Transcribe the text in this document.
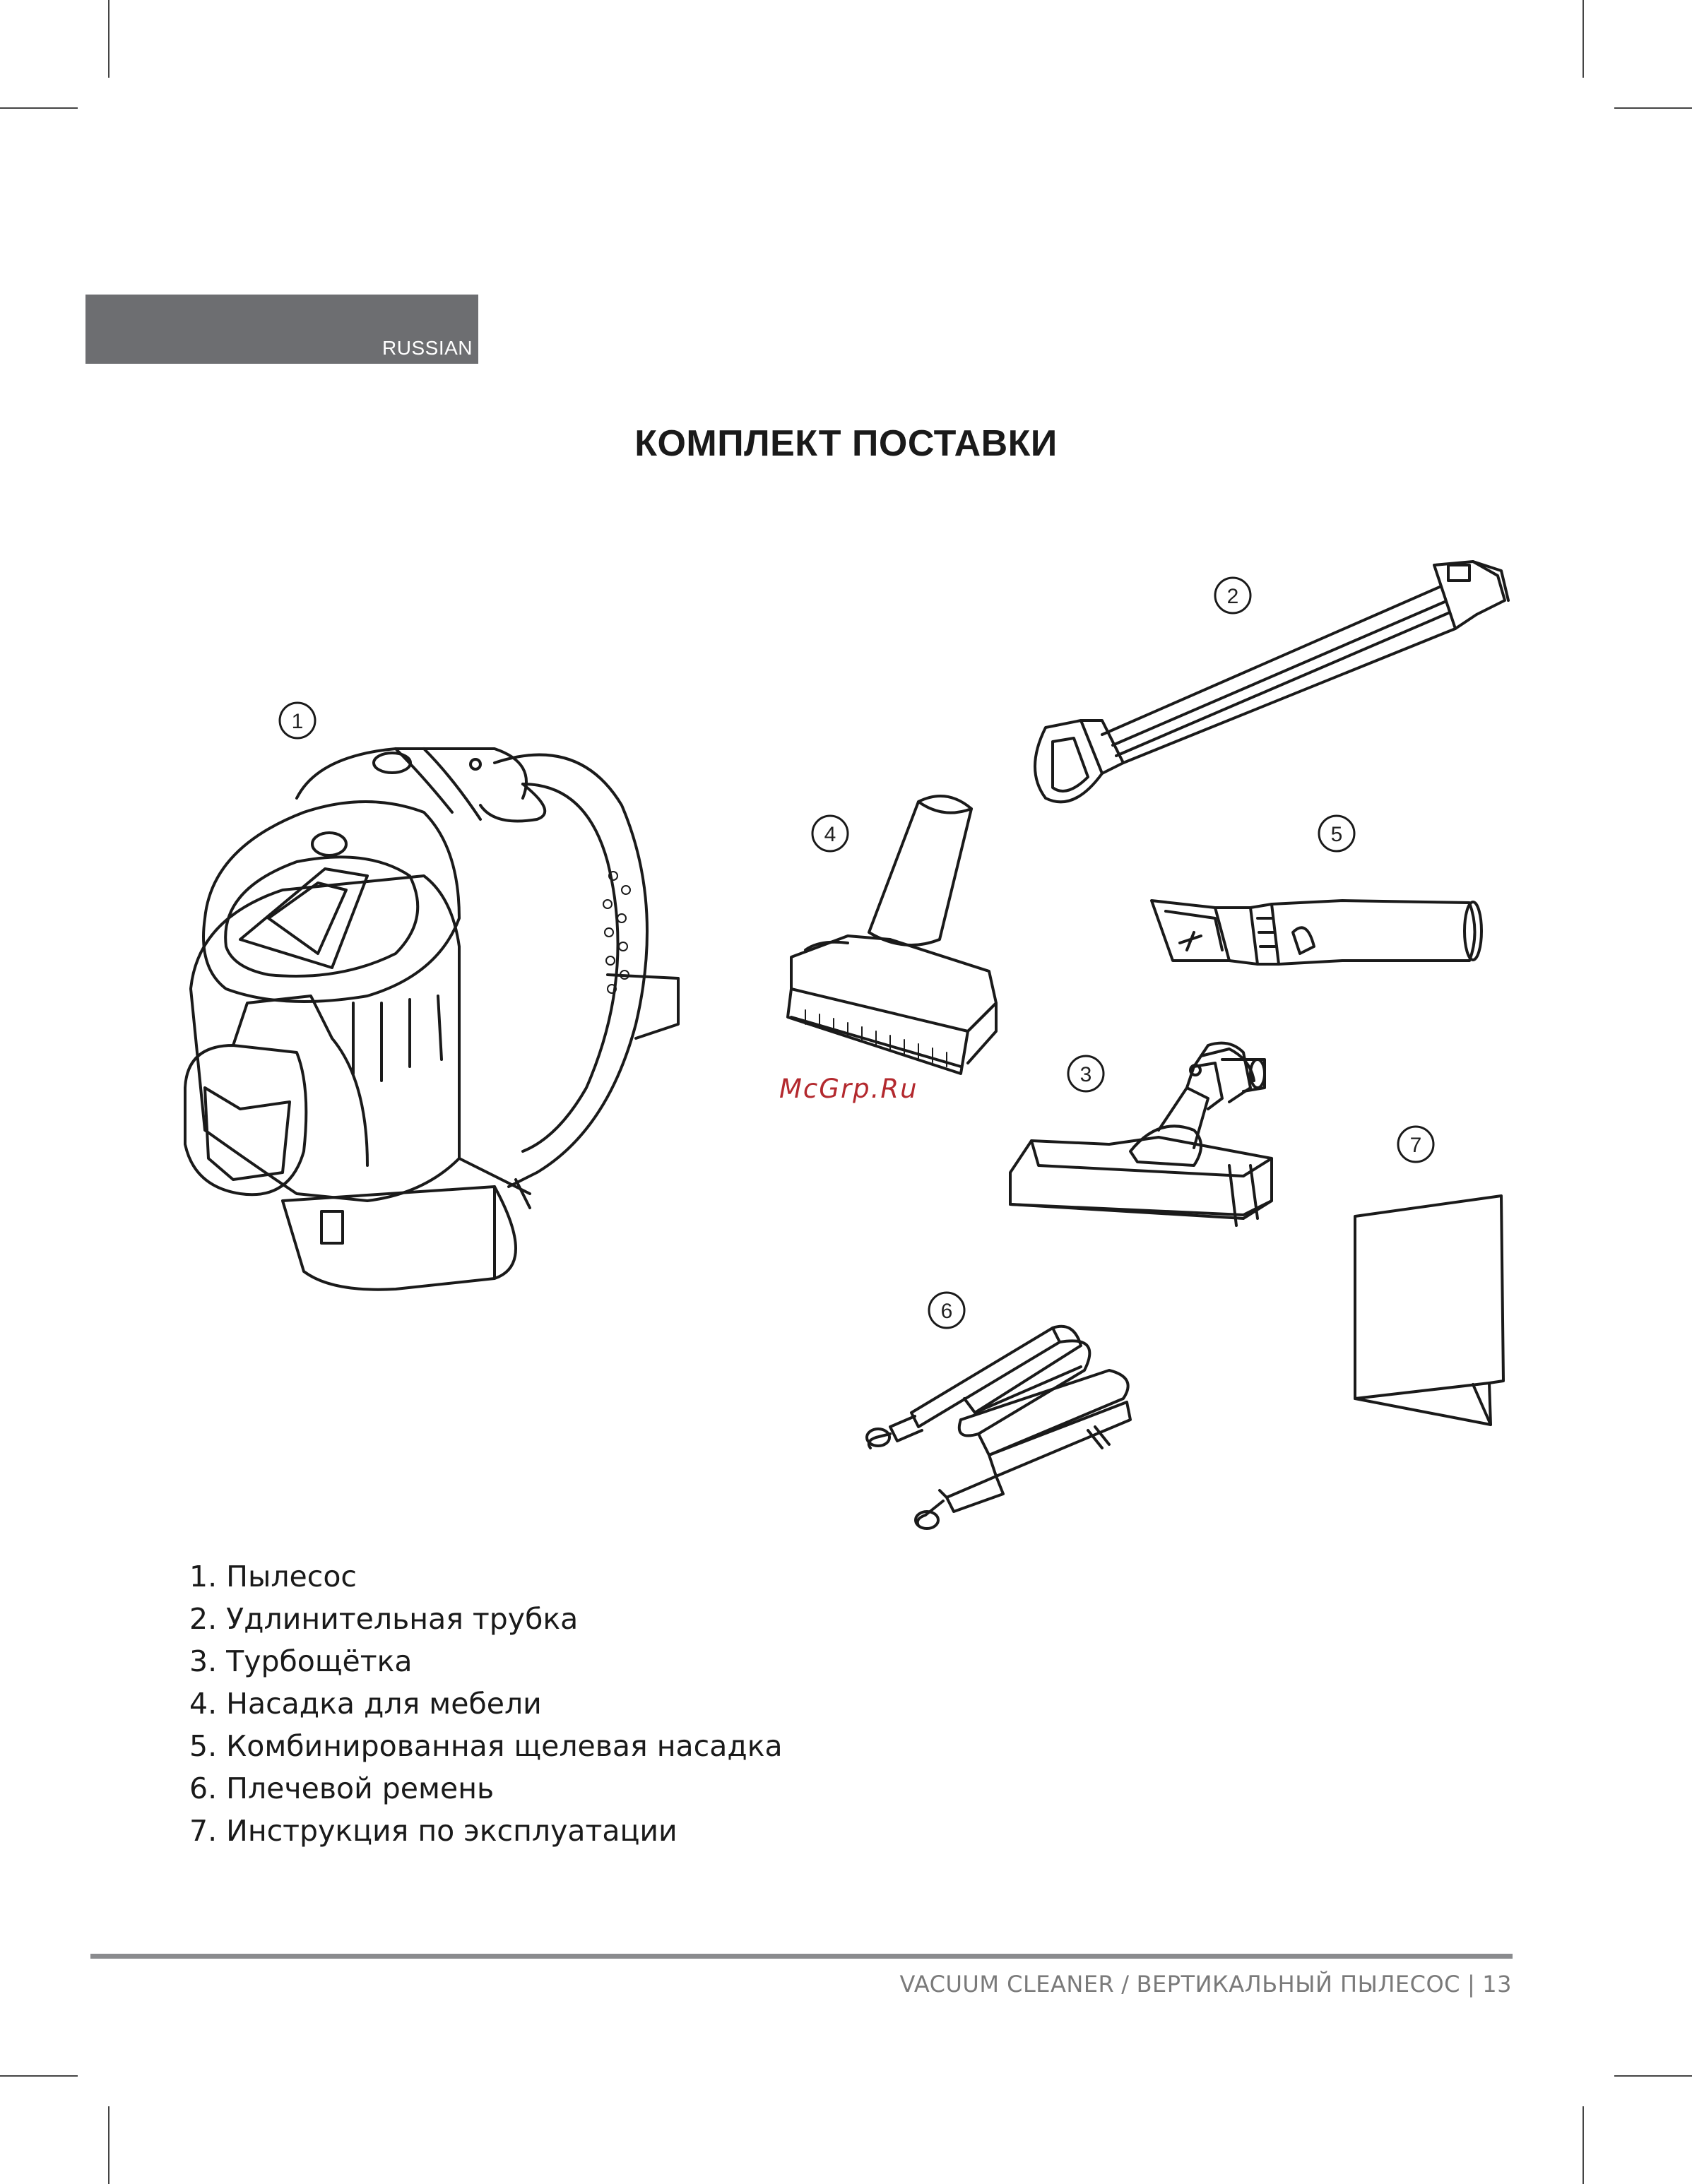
RUSSIAN
КОМПЛЕКТ ПОСТАВКИ
1
2
4	5
3
7
6
McGrp.Ru
1. Пылесос
2. Удлинительная трубка
3. Турбощётка
4. Насадка для мебели
5. Комбинированная щелевая насадка
6. Плечевой ремень
7. Инструкция по эксплуатации
VACUUM CLEANER / ВЕРТИКАЛЬНЫЙ ПЫЛЕСОС | 13
